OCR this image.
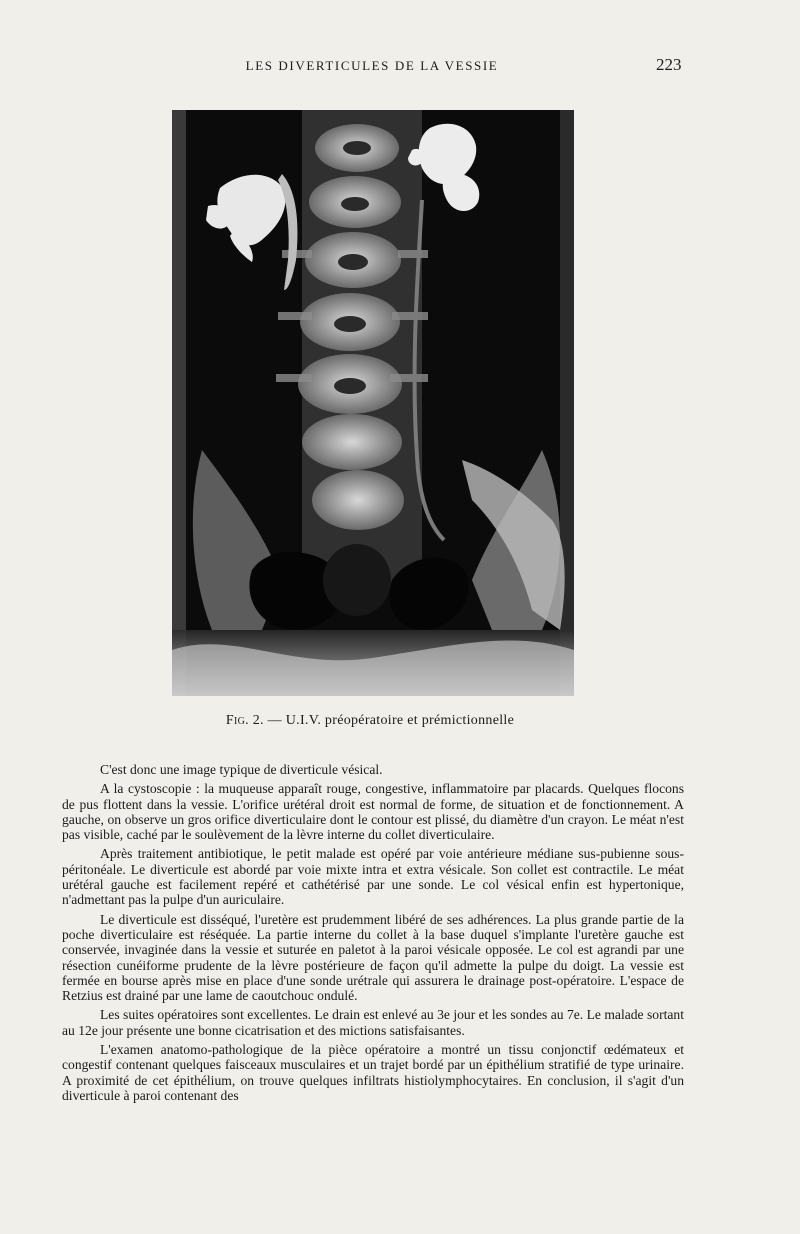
LES DIVERTICULES DE LA VESSIE	223
Fig. 2. — U.I.V. préopératoire et prémictionnelle

C'est donc une image typique de diverticule vésical.

A la cystoscopie : la muqueuse apparaît rouge, congestive, inflammatoire par placards. Quelques flocons de pus flottent dans la vessie. L'orifice urétéral droit est normal de forme, de situation et de fonctionnement. A gauche, on observe un gros orifice diverticulaire dont le contour est plissé, du diamètre d'un crayon. Le méat n'est pas visible, caché par le soulèvement de la lèvre interne du collet diverticulaire.

Après traitement antibiotique, le petit malade est opéré par voie antérieure médiane sus-pubienne sous-péritonéale. Le diverticule est abordé par voie mixte intra et extra vésicale. Son collet est contractile. Le méat urétéral gauche est facilement repéré et cathétérisé par une sonde. Le col vésical enfin est hypertonique, n'admettant pas la pulpe d'un auriculaire.

Le diverticule est disséqué, l'uretère est prudemment libéré de ses adhérences. La plus grande partie de la poche diverticulaire est réséquée. La partie interne du collet à la base duquel s'implante l'uretère gauche est conservée, invaginée dans la vessie et suturée en paletot à la paroi vésicale opposée. Le col est agrandi par une résection cunéiforme prudente de la lèvre postérieure de façon qu'il admette la pulpe du doigt. La vessie est fermée en bourse après mise en place d'une sonde urétrale qui assurera le drainage post-opératoire. L'espace de Retzius est drainé par une lame de caoutchouc ondulé.

Les suites opératoires sont excellentes. Le drain est enlevé au 3e jour et les sondes au 7e. Le malade sortant au 12e jour présente une bonne cicatrisation et des mictions satisfaisantes.

L'examen anatomo-pathologique de la pièce opératoire a montré un tissu conjonctif œdémateux et congestif contenant quelques faisceaux musculaires et un trajet bordé par un épithélium stratifié de type urinaire. A proximité de cet épithélium, on trouve quelques infiltrats histiolymphocytaires. En conclusion, il s'agit d'un diverticule à paroi contenant des
